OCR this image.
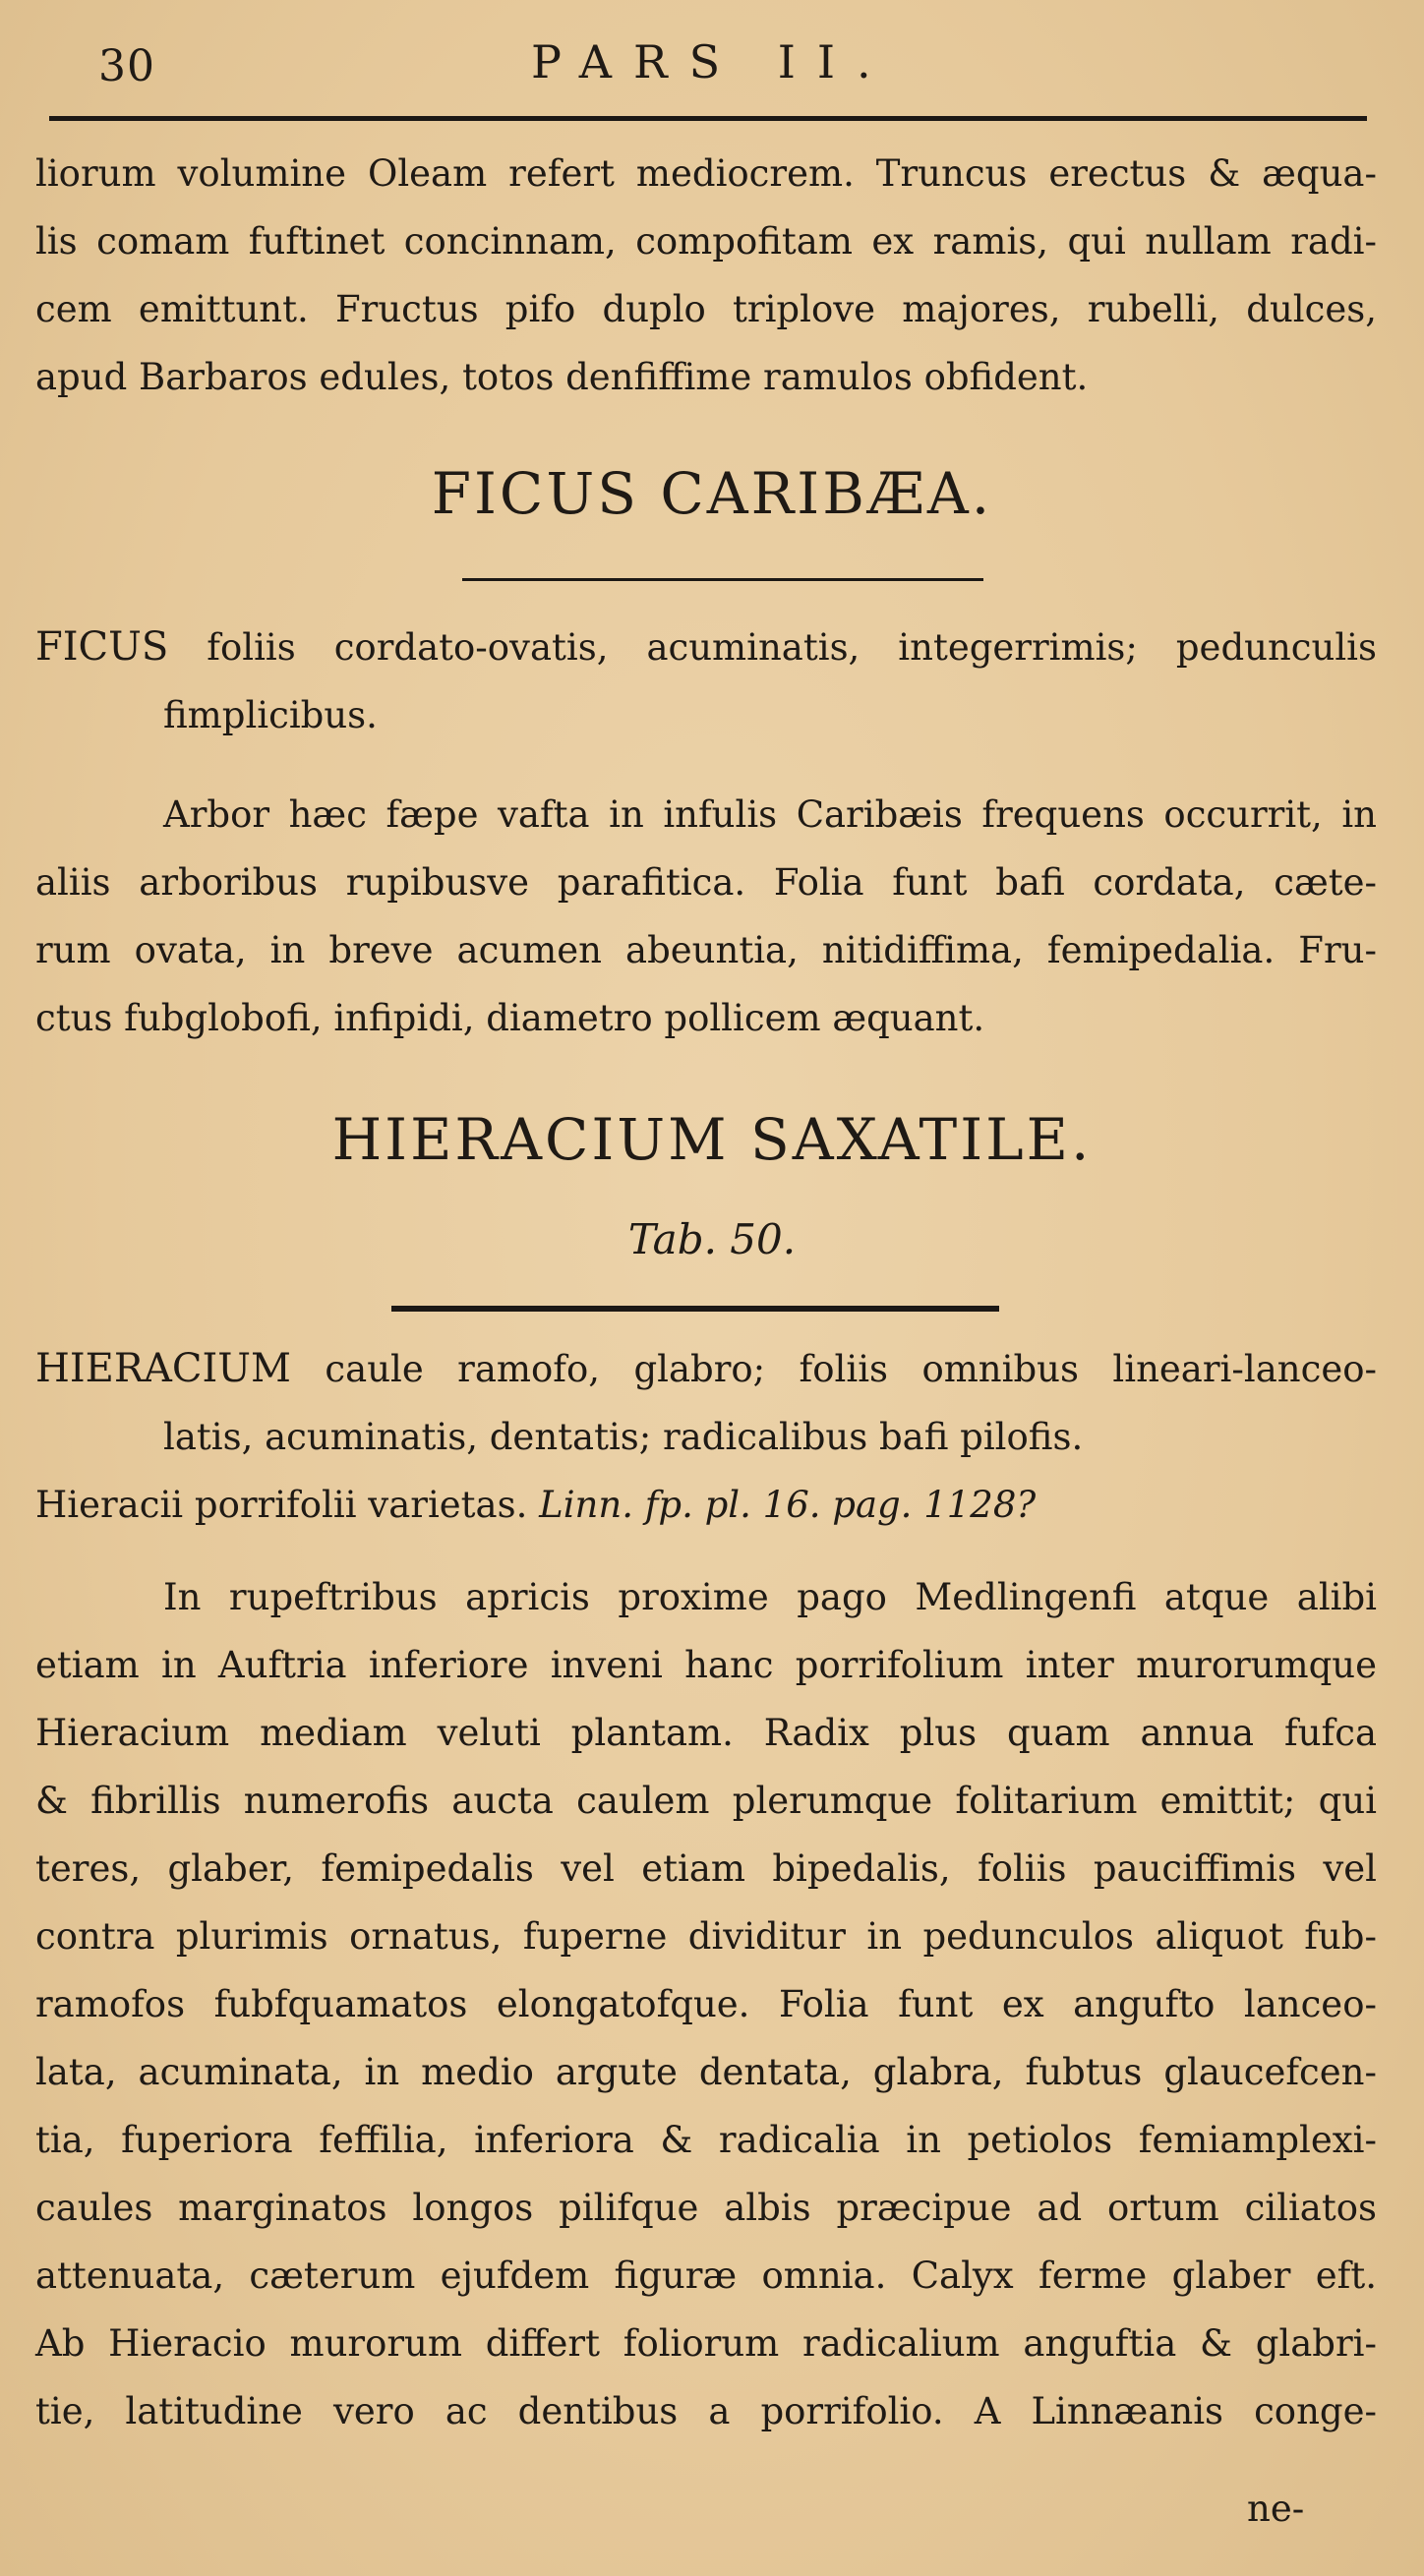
30	PARS II.
liorum volumine Oleam refert mediocrem. Truncus erectus & æqua-
lis comam fuftinet concinnam, compofitam ex ramis, qui nullam radi-
cem emittunt. Fructus pifo duplo triplove majores, rubelli, dulces,
apud Barbaros edules, totos denfiffime ramulos obfident.
FICUS CARIBÆA.
FICUS foliis cordato-ovatis, acuminatis, integerrimis; pedunculis
fimplicibus.
Arbor hæc fæpe vafta in infulis Caribæis frequens occurrit, in
aliis arboribus rupibusve parafitica. Folia funt bafi cordata, cæte-
rum ovata, in breve acumen abeuntia, nitidiffima, femipedalia. Fru-
ctus fubglobofi, infipidi, diametro pollicem æquant.
HIERACIUM SAXATILE.
Tab. 50.
HIERACIUM caule ramofo, glabro; foliis omnibus lineari-lanceo-
latis, acuminatis, dentatis; radicalibus bafi pilofis.
Hieracii porrifolii varietas. Linn. fp. pl. 16. pag. 1128?
In rupeftribus apricis proxime pago Medlingenfi atque alibi
etiam in Auftria inferiore inveni hanc porrifolium inter murorumque
Hieracium mediam veluti plantam. Radix plus quam annua fufca
& fibrillis numerofis aucta caulem plerumque folitarium emittit; qui
teres, glaber, femipedalis vel etiam bipedalis, foliis pauciffimis vel
contra plurimis ornatus, fuperne dividitur in pedunculos aliquot fub-
ramofos fubfquamatos elongatofque. Folia funt ex angufto lanceo-
lata, acuminata, in medio argute dentata, glabra, fubtus glaucefcen-
tia, fuperiora feffilia, inferiora & radicalia in petiolos femiamplexi-
caules marginatos longos pilifque albis præcipue ad ortum ciliatos
attenuata, cæterum ejufdem figuræ omnia. Calyx ferme glaber eft.
Ab Hieracio murorum differt foliorum radicalium anguftia & glabri-
tie, latitudine vero ac dentibus a porrifolio. A Linnæanis conge-
ne-
